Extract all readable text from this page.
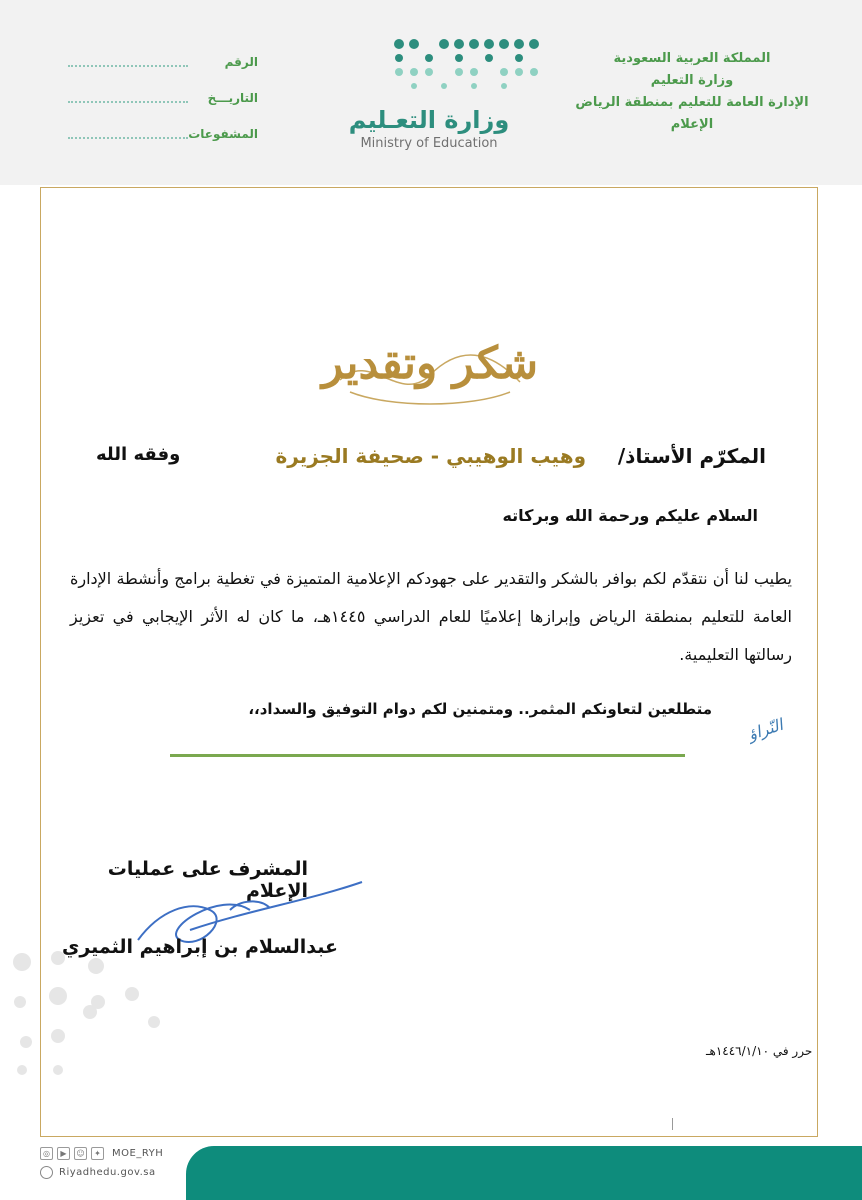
المملكة العربية السعودية
وزارة التعليم
الإدارة العامة للتعليم بمنطقة الرياض
الإعلام
وزارة التعـليم
Ministry of Education
الرقم
التاريـــخ
المشفوعات
شكر وتقدير
المكرّم الأستاذ/
وهيب الوهيبي - صحيفة الجزيرة
وفقه الله
السلام عليكم ورحمة الله وبركاته
يطيب لنا أن نتقدّم لكم بوافر بالشكر والتقدير على جهودكم الإعلامية المتميزة في تغطية برامج وأنشطة الإدارة العامة للتعليم بمنطقة الرياض وإبرازها إعلاميًا للعام الدراسي ١٤٤٥هـ، ما كان له الأثر الإيجابي في تعزيز رسالتها التعليمية.
متطلعين لتعاونكم المثمر.. ومتمنين لكم دوام التوفيق والسداد،،
النّراؤ
المشرف على عمليات الإعلام
عبدالسلام بن إبراهيم الثميري
حرر في ١٤٤٦/١/١٠هـ
◎	▶	☺	✦	MOE_RYH
Riyadhedu.gov.sa
